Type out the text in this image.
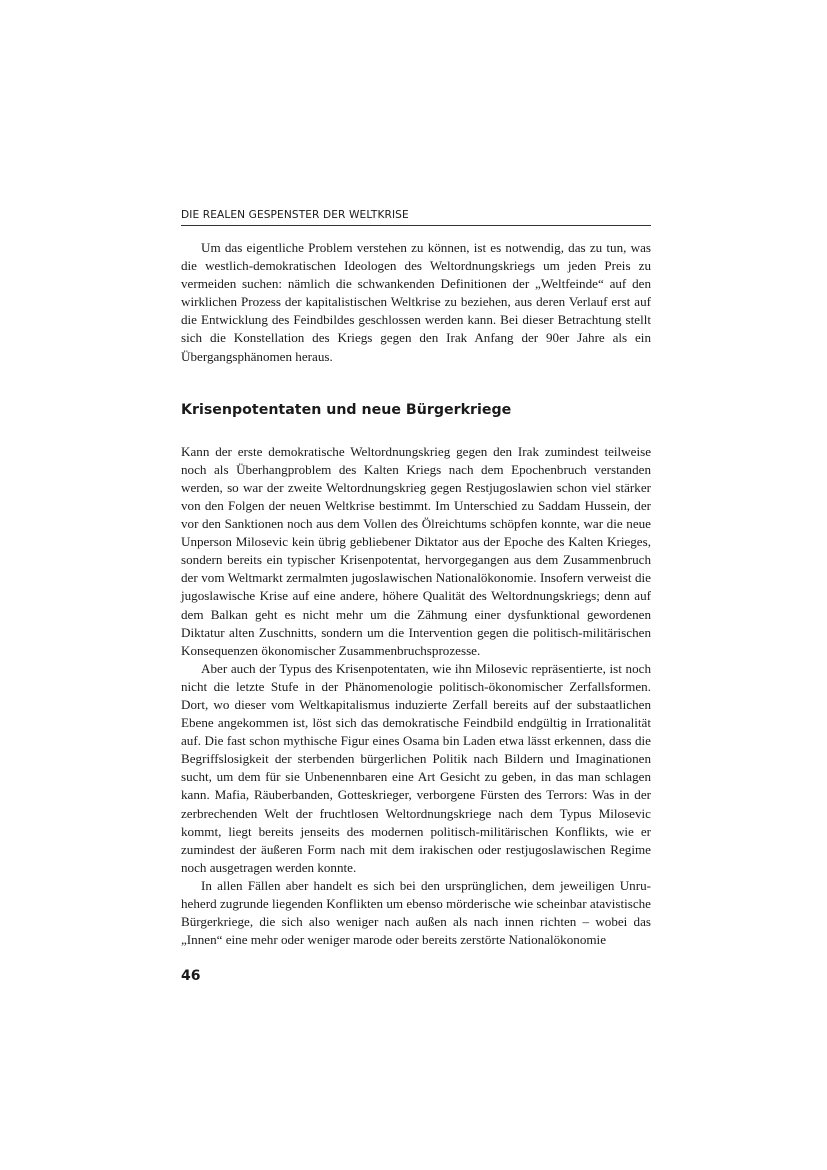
DIE REALEN GESPENSTER DER WELTKRISE

Um das eigentliche Problem verstehen zu können, ist es notwendig, das zu tun, was die westlich-demokratischen Ideologen des Weltordnungskriegs um jeden Preis zu vermeiden suchen: nämlich die schwankenden Definitionen der „Weltfeinde“ auf den wirklichen Prozess der kapitalistischen Weltkrise zu beziehen, aus deren Verlauf erst auf die Entwicklung des Feindbildes geschlossen werden kann. Bei dieser Betrachtung stellt sich die Konstellation des Kriegs gegen den Irak Anfang der 90er Jahre als ein Übergangsphänomen heraus.

Krisenpotentaten und neue Bürgerkriege

Kann der erste demokratische Weltordnungskrieg gegen den Irak zumindest teilweise noch als Überhangproblem des Kalten Kriegs nach dem Epochenbruch verstanden werden, so war der zweite Weltordnungskrieg gegen Restjugoslawien schon viel stärker von den Folgen der neuen Weltkrise bestimmt. Im Unterschied zu Saddam Hussein, der vor den Sanktionen noch aus dem Vollen des Ölreichtums schöpfen konnte, war die neue Unperson Milosevic kein übrig gebliebener Diktator aus der Epoche des Kalten Krieges, sondern bereits ein typischer Krisenpotentat, hervorgegangen aus dem Zusammenbruch der vom Weltmarkt zermalmten jugoslawischen Nationalökonomie. Insofern verweist die jugoslawische Krise auf eine andere, höhere Qualität des Weltordnungskriegs; denn auf dem Balkan geht es nicht mehr um die Zähmung einer dysfunktional gewordenen Diktatur alten Zuschnitts, sondern um die Intervention gegen die politisch-militärischen Konsequenzen ökonomischer Zusammenbruchsprozesse.

Aber auch der Typus des Krisenpotentaten, wie ihn Milosevic repräsentierte, ist noch nicht die letzte Stufe in der Phänomenologie politisch-ökonomischer Zerfallsformen. Dort, wo dieser vom Weltkapitalismus induzierte Zerfall bereits auf der substaatlichen Ebene angekommen ist, löst sich das demokratische Feindbild endgültig in Irrationalität auf. Die fast schon mythische Figur eines Osama bin Laden etwa lässt erkennen, dass die Begriffslosigkeit der sterbenden bürgerlichen Politik nach Bildern und Imaginationen sucht, um dem für sie Unbenennbaren eine Art Gesicht zu geben, in das man schlagen kann. Mafia, Räuberbanden, Gotteskrieger, verborgene Fürsten des Terrors: Was in der zerbrechenden Welt der fruchtlosen Weltordnungskriege nach dem Typus Milosevic kommt, liegt bereits jenseits des modernen politisch-militärischen Konflikts, wie er zumindest der äußeren Form nach mit dem irakischen oder restjugoslawischen Regime noch ausgetragen werden konnte.

In allen Fällen aber handelt es sich bei den ursprünglichen, dem jeweiligen Unruheherd zugrunde liegenden Konflikten um ebenso mörderische wie scheinbar atavistische Bürgerkriege, die sich also weniger nach außen als nach innen richten – wobei das „Innen“ eine mehr oder weniger marode oder bereits zerstörte Nationalökonomie

46
